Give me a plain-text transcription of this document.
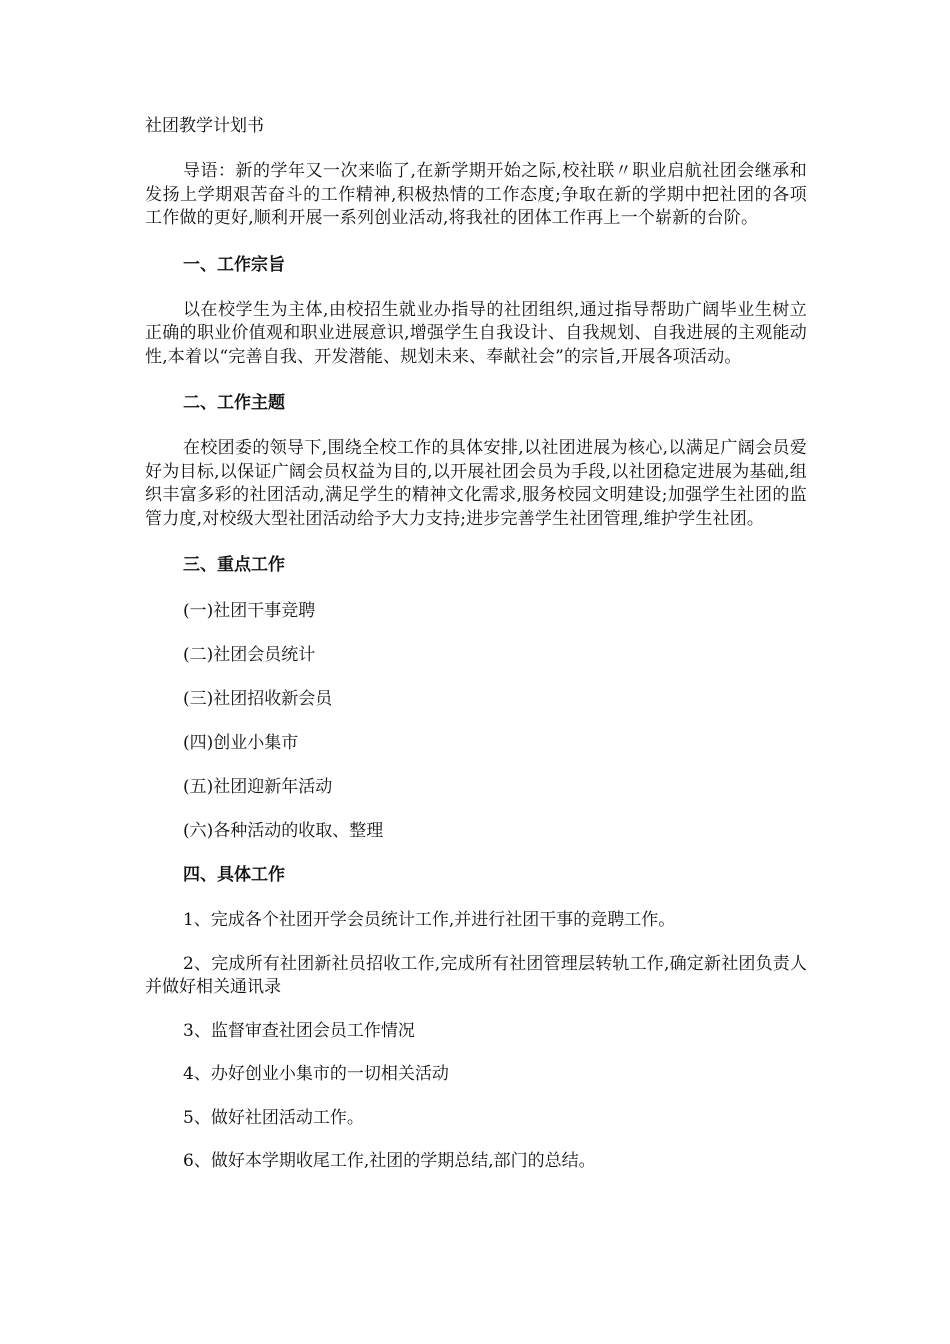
社团教学计划书

导语：新的学年又一次来临了,在新学期开始之际,校社联〃职业启航社团会继承和发扬上学期艰苦奋斗的工作精神,积极热情的工作态度;争取在新的学期中把社团的各项工作做的更好,顺利开展一系列创业活动,将我社的团体工作再上一个崭新的台阶。

一、工作宗旨

以在校学生为主体,由校招生就业办指导的社团组织,通过指导帮助广阔毕业生树立正确的职业价值观和职业进展意识,增强学生自我设计、自我规划、自我进展的主观能动性,本着以“完善自我、开发潜能、规划未来、奉献社会”的宗旨,开展各项活动。

二、工作主题

在校团委的领导下,围绕全校工作的具体安排,以社团进展为核心,以满足广阔会员爱好为目标,以保证广阔会员权益为目的,以开展社团会员为手段,以社团稳定进展为基础,组织丰富多彩的社团活动,满足学生的精神文化需求,服务校园文明建设;加强学生社团的监管力度,对校级大型社团活动给予大力支持;进步完善学生社团管理,维护学生社团。

三、重点工作
(一)社团干事竞聘
(二)社团会员统计
(三)社团招收新会员
(四)创业小集市
(五)社团迎新年活动
(六)各种活动的收取、整理
四、具体工作

1、完成各个社团开学会员统计工作,并进行社团干事的竞聘工作。

2、完成所有社团新社员招收工作,完成所有社团管理层转轨工作,确定新社团负责人并做好相关通讯录

3、监督审查社团会员工作情况

4、办好创业小集市的一切相关活动

5、做好社团活动工作。

6、做好本学期收尾工作,社团的学期总结,部门的总结。
